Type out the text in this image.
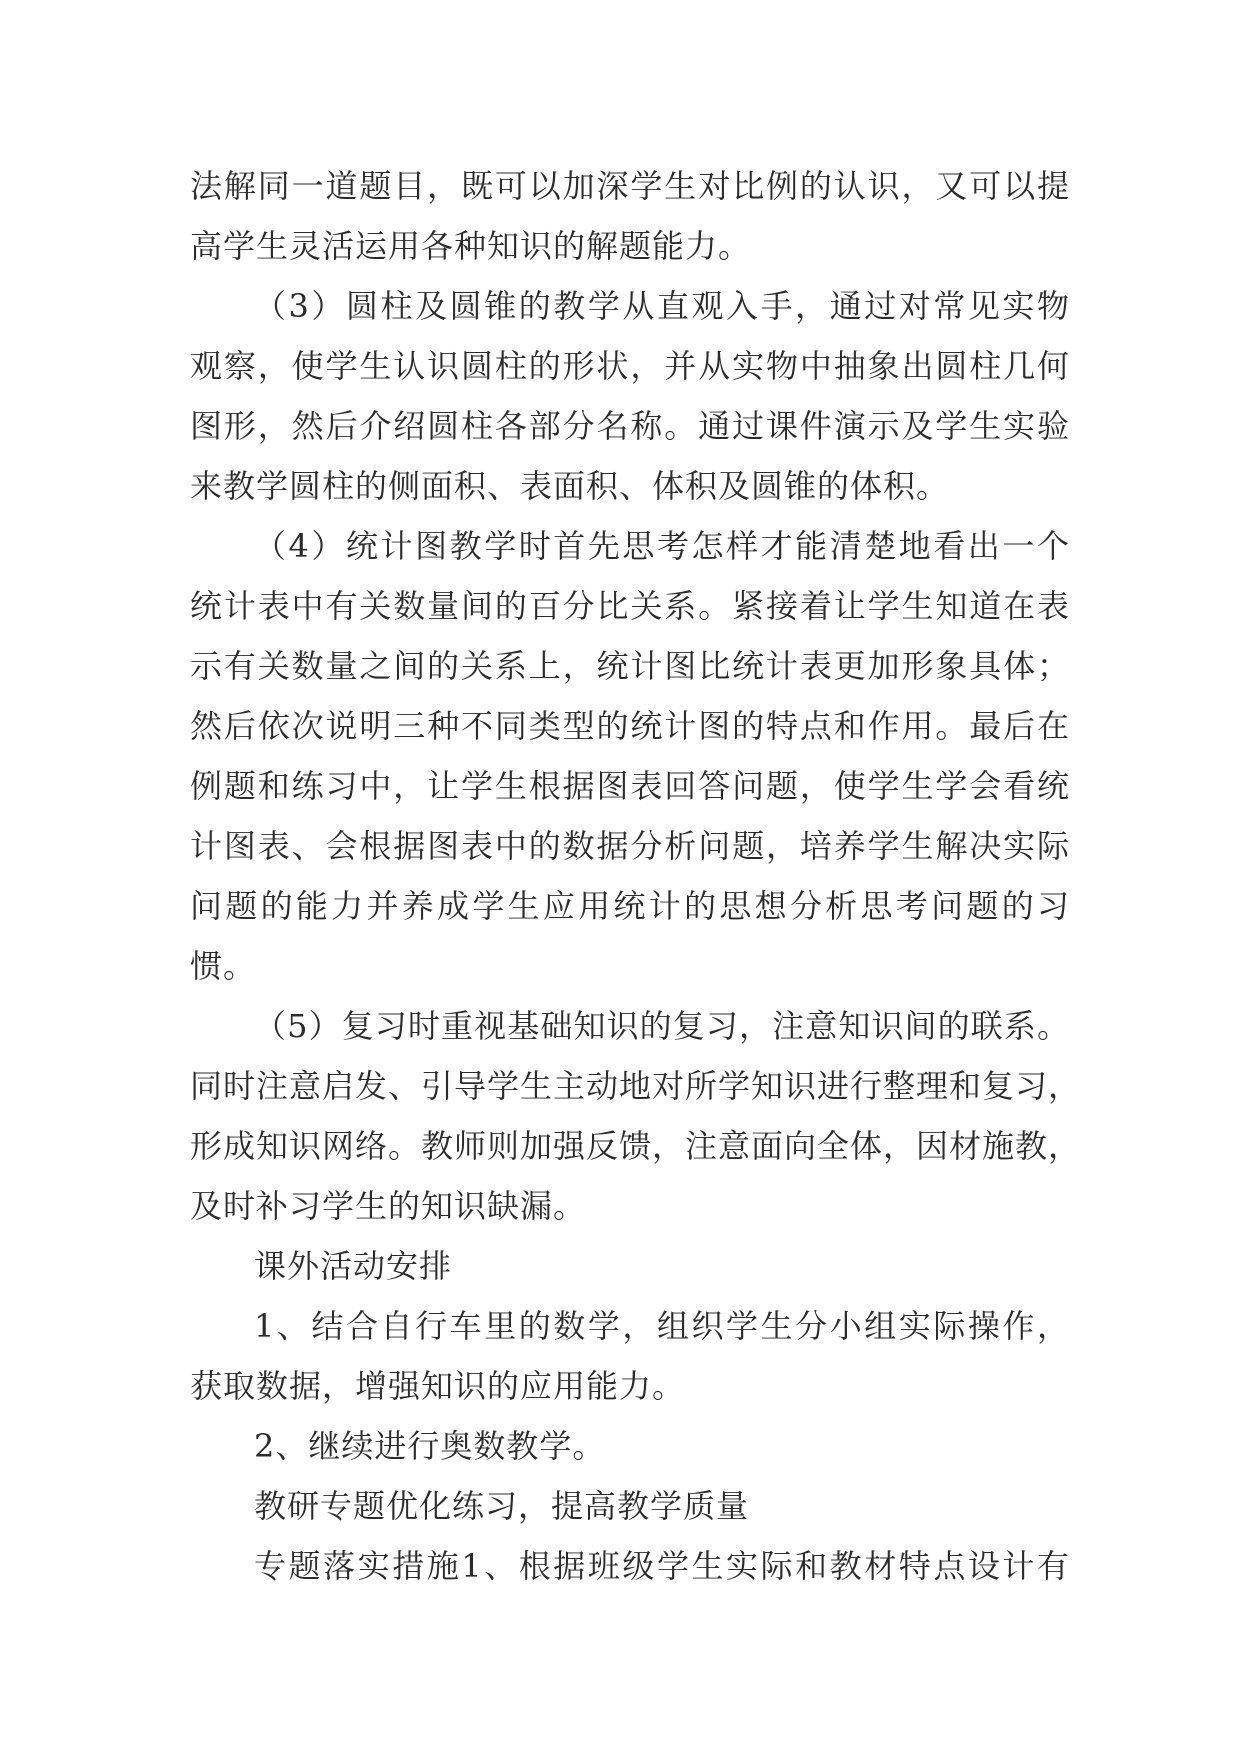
法解同一道题目，既可以加深学生对比例的认识，又可以提

高学生灵活运用各种知识的解题能力。

（3）圆柱及圆锥的教学从直观入手，通过对常见实物

观察，使学生认识圆柱的形状，并从实物中抽象出圆柱几何

图形，然后介绍圆柱各部分名称。通过课件演示及学生实验

来教学圆柱的侧面积、表面积、体积及圆锥的体积。

（4）统计图教学时首先思考怎样才能清楚地看出一个

统计表中有关数量间的百分比关系。紧接着让学生知道在表

示有关数量之间的关系上，统计图比统计表更加形象具体；

然后依次说明三种不同类型的统计图的特点和作用。最后在

例题和练习中，让学生根据图表回答问题，使学生学会看统

计图表、会根据图表中的数据分析问题，培养学生解决实际

问题的能力并养成学生应用统计的思想分析思考问题的习

惯。

（5）复习时重视基础知识的复习，注意知识间的联系。

同时注意启发、引导学生主动地对所学知识进行整理和复习，

形成知识网络。教师则加强反馈，注意面向全体，因材施教，

及时补习学生的知识缺漏。

课外活动安排

1、结合自行车里的数学，组织学生分小组实际操作，

获取数据，增强知识的应用能力。

2、继续进行奥数教学。

教研专题优化练习，提高教学质量

专题落实措施1、根据班级学生实际和教材特点设计有
